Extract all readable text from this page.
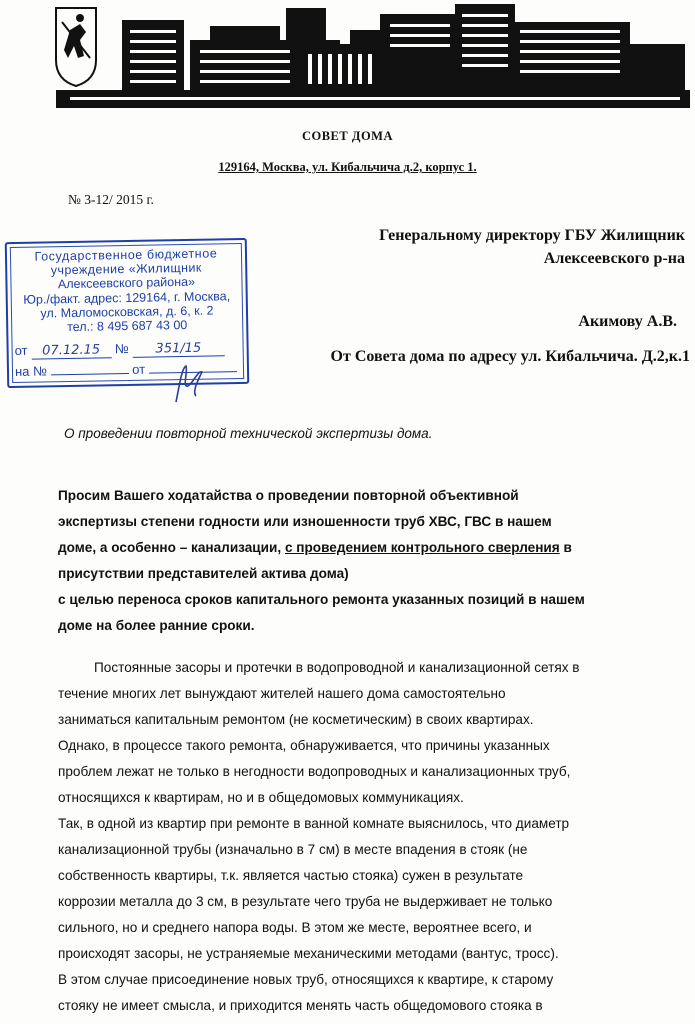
СОВЕТ ДОМА
129164, Москва, ул. Кибальчича д.2, корпус 1.
№ 3-12/ 2015 г.
Генеральному директору ГБУ Жилищник
Алексеевского р-на
Акимову А.В.
От Совета дома по адресу ул. Кибальчича. Д.2,к.1
Государственное бюджетное
учреждение «Жилищник
Алексеевского района»
Юр./факт. адрес: 129164, г. Москва,
ул. Маломосковская, д. 6, к. 2
тел.: 8 495 687 43 00
от 07.12.15 № 351/15
на №	от
О проведении повторной технической экспертизы дома.
Просим Вашего ходатайства о проведении повторной объективной
экспертизы степени годности или изношенности труб ХВС, ГВС в нашем
доме, а особенно – канализации, с проведением контрольного сверления в
присутствии представителей актива дома)
с целью переноса сроков капитального ремонта указанных позиций в нашем
доме на более ранние сроки.
Постоянные засоры и протечки в водопроводной и канализационной сетях в
течение многих лет вынуждают жителей нашего дома самостоятельно
заниматься капитальным ремонтом (не косметическим) в своих квартирах.
Однако, в процессе такого ремонта, обнаруживается, что причины указанных
проблем лежат не только в негодности водопроводных и канализационных труб,
относящихся к квартирам, но и в общедомовых коммуникациях.
Так, в одной из квартир при ремонте в ванной комнате выяснилось, что диаметр
канализационной трубы (изначально в 7 см) в месте впадения в стояк (не
собственность квартиры, т.к. является частью стояка) сужен в результате
коррозии металла до 3 см, в результате чего труба не выдерживает не только
сильного, но и среднего напора воды. В этом же месте, вероятнее всего, и
происходят засоры, не устраняемые механическими методами (вантус, тросс).
В этом случае присоединение новых труб, относящихся к квартире, к старому
стояку не имеет смысла, и приходится менять часть общедомового стояка в
